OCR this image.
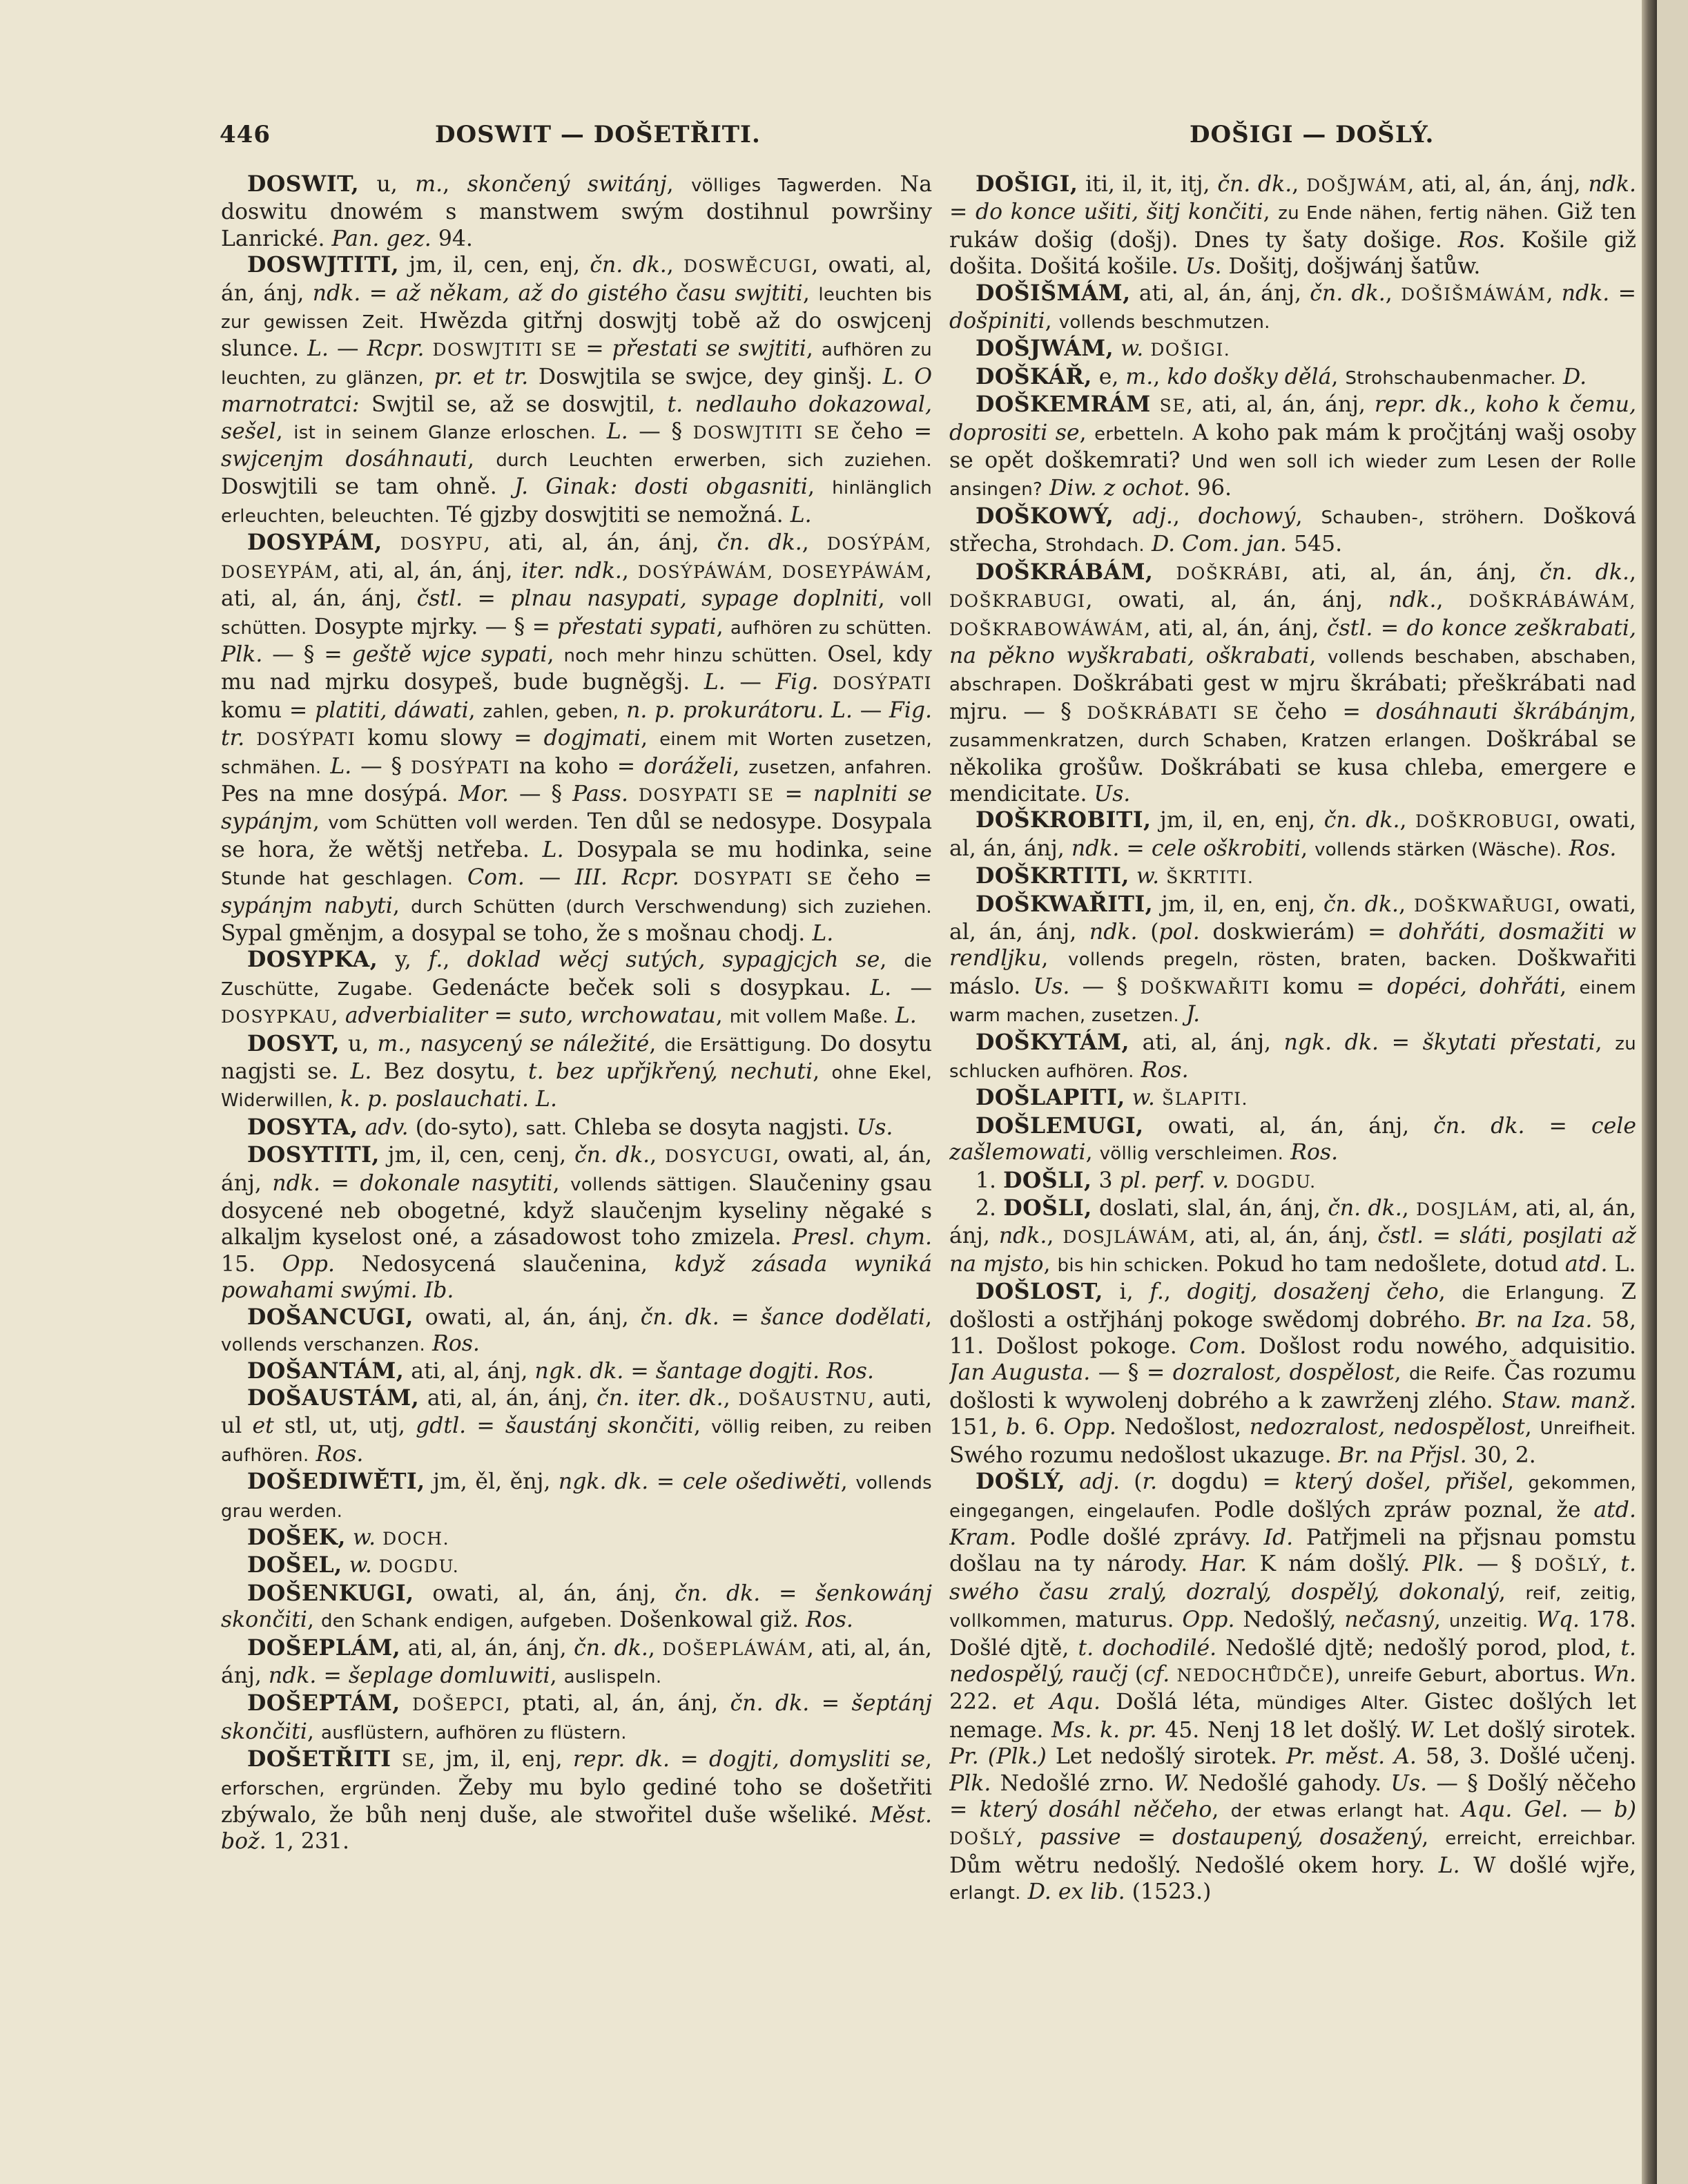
446	DOSWIT — DOŠETŘITI.	DOŠIGI — DOŠLÝ.

DOSWIT, u, m., skončený switánj, völliges Tagwerden. Na doswitu dnowém s manstwem swým dostihnul powršiny Lanrické. Pan. gez. 94.

DOSWJTITI, jm, il, cen, enj, čn. dk., DOSWĚCUGI, owati, al, án, ánj, ndk. = až někam, až do gistého času swjtiti, leuchten bis zur gewissen Zeit. Hwězda gitřnj doswjtj tobě až do oswjcenj slunce. L. — Rcpr. DOSWJTITI SE = přestati se swjtiti, aufhören zu leuchten, zu glänzen, pr. et tr. Doswjtila se swjce, dey ginšj. L. O marnotratci: Swjtil se, až se doswjtil, t. nedlauho dokazowal, sešel, ist in seinem Glanze erloschen. L. — § DOSWJTITI SE čeho = swjcenjm dosáhnauti, durch Leuchten erwerben, sich zuziehen. Doswjtili se tam ohně. J. Ginak: dosti obgasniti, hinlänglich erleuchten, beleuchten. Té gjzby doswjtiti se nemožná. L.

DOSYPÁM, DOSYPU, ati, al, án, ánj, čn. dk., DOSÝPÁM, DOSEYPÁM, ati, al, án, ánj, iter. ndk., DOSÝPÁWÁM, DOSEYPÁWÁM, ati, al, án, ánj, čstl. = plnau nasypati, sypage doplniti, voll schütten. Dosypte mjrky. — § = přestati sypati, aufhören zu schütten. Plk. — § = geště wjce sypati, noch mehr hinzu schütten. Osel, kdy mu nad mjrku dosypeš, bude bugněgšj. L. — Fig. DOSÝPATI komu = platiti, dáwati, zahlen, geben, n. p. prokurátoru. L. — Fig. tr. DOSÝPATI komu slowy = dogjmati, einem mit Worten zusetzen, schmähen. L. — § DOSÝPATI na koho = doráželi, zusetzen, anfahren. Pes na mne dosýpá. Mor. — § Pass. DOSYPATI SE = naplniti se sypánjm, vom Schütten voll werden. Ten důl se nedosype. Dosypala se hora, že wětšj netřeba. L. Dosypala se mu hodinka, seine Stunde hat geschlagen. Com. — III. Rcpr. DOSYPATI SE čeho = sypánjm nabyti, durch Schütten (durch Verschwendung) sich zuziehen. Sypal gměnjm, a dosypal se toho, že s mošnau chodj. L.

DOSYPKA, y, f., doklad wěcj sutých, sypagjcjch se, die Zuschütte, Zugabe. Gedenácte beček soli s dosypkau. L. — DOSYPKAU, adverbialiter = suto, wrchowatau, mit vollem Maße. L.

DOSYT, u, m., nasycený se náležité, die Ersättigung. Do dosytu nagjsti se. L. Bez dosytu, t. bez upřjkřený, nechuti, ohne Ekel, Widerwillen, k. p. poslauchati. L.

DOSYTA, adv. (do-syto), satt. Chleba se dosyta nagjsti. Us.

DOSYTITI, jm, il, cen, cenj, čn. dk., DOSYCUGI, owati, al, án, ánj, ndk. = dokonale nasytiti, vollends sättigen. Slaučeniny gsau dosycené neb obogetné, když slaučenjm kyseliny něgaké s alkaljm kyselost oné, a zásadowost toho zmizela. Presl. chym. 15. Opp. Nedosycená slaučenina, když zásada wyniká powahami swými. Ib.

DOŠANCUGI, owati, al, án, ánj, čn. dk. = šance dodělati, vollends verschanzen. Ros.

DOŠANTÁM, ati, al, ánj, ngk. dk. = šantage dogjti. Ros.

DOŠAUSTÁM, ati, al, án, ánj, čn. iter. dk., DOŠAUSTNU, auti, ul et stl, ut, utj, gdtl. = šaustánj skončiti, völlig reiben, zu reiben aufhören. Ros.

DOŠEDIWĚTI, jm, ěl, ěnj, ngk. dk. = cele ošediwěti, vollends grau werden.

DOŠEK, w. DOCH.

DOŠEL, w. DOGDU.

DOŠENKUGI, owati, al, án, ánj, čn. dk. = šenkowánj skončiti, den Schank endigen, aufgeben. Došenkowal giž. Ros.

DOŠEPLÁM, ati, al, án, ánj, čn. dk., DOŠEPLÁWÁM, ati, al, án, ánj, ndk. = šeplage domluwiti, auslispeln.

DOŠEPTÁM, DOŠEPCI, ptati, al, án, ánj, čn. dk. = šeptánj skončiti, ausflüstern, aufhören zu flüstern.

DOŠETŘITI SE, jm, il, enj, repr. dk. = dogjti, domysliti se, erforschen, ergründen. Žeby mu bylo gediné toho se došetřiti zbýwalo, že bůh nenj duše, ale stwořitel duše wšeliké. Měst. bož. 1, 231.

DOŠIGI, iti, il, it, itj, čn. dk., DOŠJWÁM, ati, al, án, ánj, ndk. = do konce ušiti, šitj končiti, zu Ende nähen, fertig nähen. Giž ten rukáw došig (došj). Dnes ty šaty došige. Ros. Košile giž došita. Došitá košile. Us. Došitj, došjwánj šatůw.

DOŠIŠMÁM, ati, al, án, ánj, čn. dk., DOŠIŠMÁWÁM, ndk. = došpiniti, vollends beschmutzen.

DOŠJWÁM, w. DOŠIGI.

DOŠKÁŘ, e, m., kdo došky dělá, Strohschaubenmacher. D.

DOŠKEMRÁM SE, ati, al, án, ánj, repr. dk., koho k čemu, doprositi se, erbetteln. A koho pak mám k pročjtánj wašj osoby se opět doškemrati? Und wen soll ich wieder zum Lesen der Rolle ansingen? Diw. z ochot. 96.

DOŠKOWÝ, adj., dochowý, Schauben-, ströhern. Došková střecha, Strohdach. D. Com. jan. 545.

DOŠKRÁBÁM, DOŠKRÁBI, ati, al, án, ánj, čn. dk., DOŠKRABUGI, owati, al, án, ánj, ndk., DOŠKRÁBÁWÁM, DOŠKRABOWÁWÁM, ati, al, án, ánj, čstl. = do konce zeškrabati, na pěkno wyškrabati, oškrabati, vollends beschaben, abschaben, abschrapen. Doškrábati gest w mjru škrábati; přeškrábati nad mjru. — § DOŠKRÁBATI SE čeho = dosáhnauti škrábánjm, zusammenkratzen, durch Schaben, Kratzen erlangen. Doškrábal se několika grošůw. Doškrábati se kusa chleba, emergere e mendicitate. Us.

DOŠKROBITI, jm, il, en, enj, čn. dk., DOŠKROBUGI, owati, al, án, ánj, ndk. = cele oškrobiti, vollends stärken (Wäsche). Ros.

DOŠKRTITI, w. ŠKRTITI.

DOŠKWAŘITI, jm, il, en, enj, čn. dk., DOŠKWAŘUGI, owati, al, án, ánj, ndk. (pol. doskwierám) = dohřáti, dosmažiti w rendljku, vollends pregeln, rösten, braten, backen. Doškwařiti máslo. Us. — § DOŠKWAŘITI komu = dopéci, dohřáti, einem warm machen, zusetzen. J.

DOŠKYTÁM, ati, al, ánj, ngk. dk. = škytati přestati, zu schlucken aufhören. Ros.

DOŠLAPITI, w. ŠLAPITI.

DOŠLEMUGI, owati, al, án, ánj, čn. dk. = cele zašlemowati, völlig verschleimen. Ros.

1. DOŠLI, 3 pl. perf. v. DOGDU.

2. DOŠLI, doslati, slal, án, ánj, čn. dk., DOSJLÁM, ati, al, án, ánj, ndk., DOSJLÁWÁM, ati, al, án, ánj, čstl. = sláti, posjlati až na mjsto, bis hin schicken. Pokud ho tam nedošlete, dotud atd. L.

DOŠLOST, i, f., dogitj, dosaženj čeho, die Erlangung. Z došlosti a ostřjhánj pokoge swědomj dobrého. Br. na Iza. 58, 11. Došlost pokoge. Com. Došlost rodu nowého, adquisitio. Jan Augusta. — § = dozralost, dospělost, die Reife. Čas rozumu došlosti k wywolenj dobrého a k zawrženj zlého. Staw. manž. 151, b. 6. Opp. Nedošlost, nedozralost, nedospělost, Unreifheit. Swého rozumu nedošlost ukazuge. Br. na Přjsl. 30, 2.

DOŠLÝ, adj. (r. dogdu) = který došel, přišel, gekommen, eingegangen, eingelaufen. Podle došlých zpráw poznal, že atd. Kram. Podle došlé zprávy. Id. Patřjmeli na přjsnau pomstu došlau na ty národy. Har. K nám došlý. Plk. — § DOŠLÝ, t. swého času zralý, dozralý, dospělý, dokonalý, reif, zeitig, vollkommen, maturus. Opp. Nedošlý, nečasný, unzeitig. Wq. 178. Došlé djtě, t. dochodilé. Nedošlé djtě; nedošlý porod, plod, t. nedospělý, raučj (cf. NEDOCHŮDČE), unreife Geburt, abortus. Wn. 222. et Aqu. Došlá léta, mündiges Alter. Gistec došlých let nemage. Ms. k. pr. 45. Nenj 18 let došlý. W. Let došlý sirotek. Pr. (Plk.) Let nedošlý sirotek. Pr. měst. A. 58, 3. Došlé učenj. Plk. Nedošlé zrno. W. Nedošlé gahody. Us. — § Došlý něčeho = který dosáhl něčeho, der etwas erlangt hat. Aqu. Gel. — b) DOŠLÝ, passive = dostaupený, dosažený, erreicht, erreichbar. Dům wětru nedošlý. Nedošlé okem hory. L. W došlé wjře, erlangt. D. ex lib. (1523.)
